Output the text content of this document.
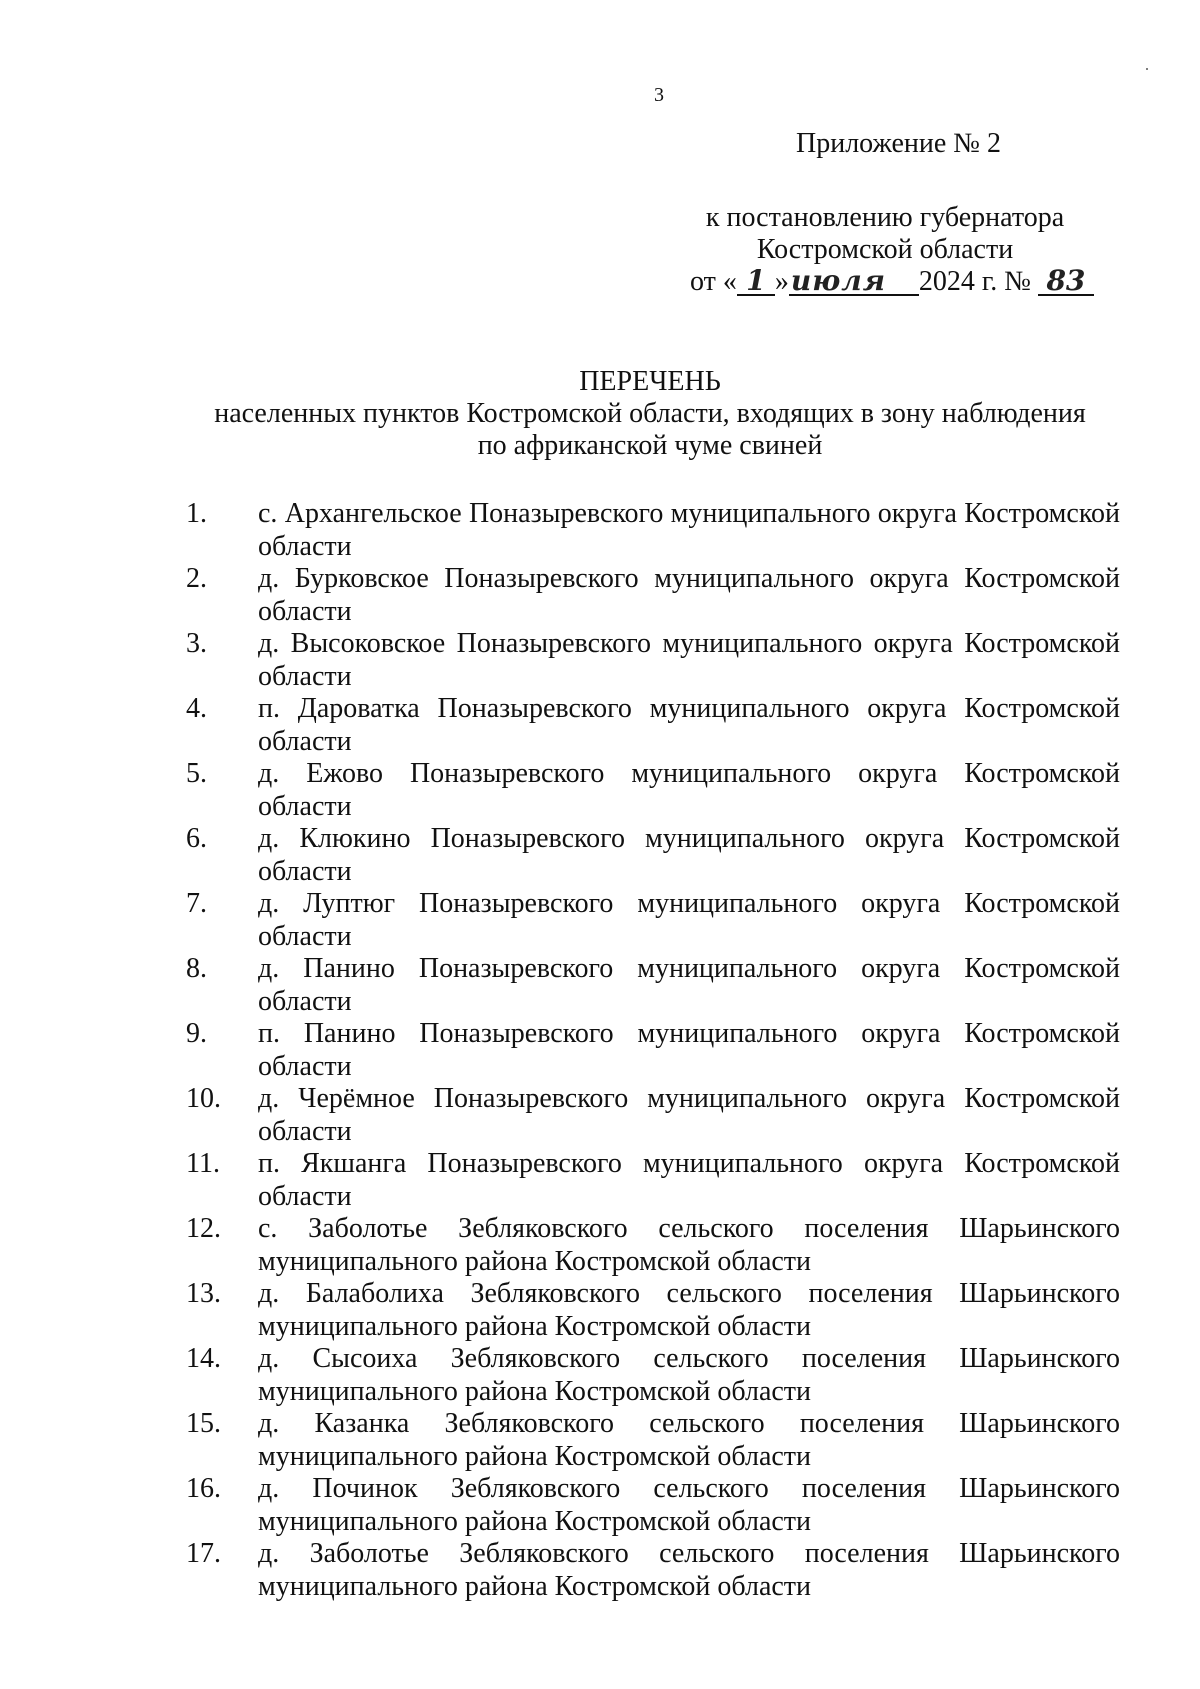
3
Приложение № 2
к постановлению губернатора
Костромской области
от « 1 »июля 2024 г. № 83
ПЕРЕЧЕНЬ
населенных пунктов Костромской области, входящих в зону наблюдения
по африканской чуме свиней
1.	с. Архангельское Поназыревского муниципального округа Костромской области
2.	д. Бурковское Поназыревского муниципального округа Костромской области
3.	д. Высоковское Поназыревского муниципального округа Костромской области
4.	п. Дароватка Поназыревского муниципального округа Костромской области
5.	д. Ежово Поназыревского муниципального округа Костромской области
6.	д. Клюкино Поназыревского муниципального округа Костромской области
7.	д. Луптюг Поназыревского муниципального округа Костромской области
8.	д. Панино Поназыревского муниципального округа Костромской области
9.	п. Панино Поназыревского муниципального округа Костромской области
10.	д. Черёмное Поназыревского муниципального округа Костромской области
11.	п. Якшанга Поназыревского муниципального округа Костромской области
12.	с. Заболотье Зебляковского сельского поселения Шарьинского муниципального района Костромской области
13.	д. Балаболиха Зебляковского сельского поселения Шарьинского муниципального района Костромской области
14.	д. Сысоиха Зебляковского сельского поселения Шарьинского муниципального района Костромской области
15.	д. Казанка Зебляковского сельского поселения Шарьинского муниципального района Костромской области
16.	д. Починок Зебляковского сельского поселения Шарьинского муниципального района Костромской области
17.	д. Заболотье Зебляковского сельского поселения Шарьинского муниципального района Костромской области
